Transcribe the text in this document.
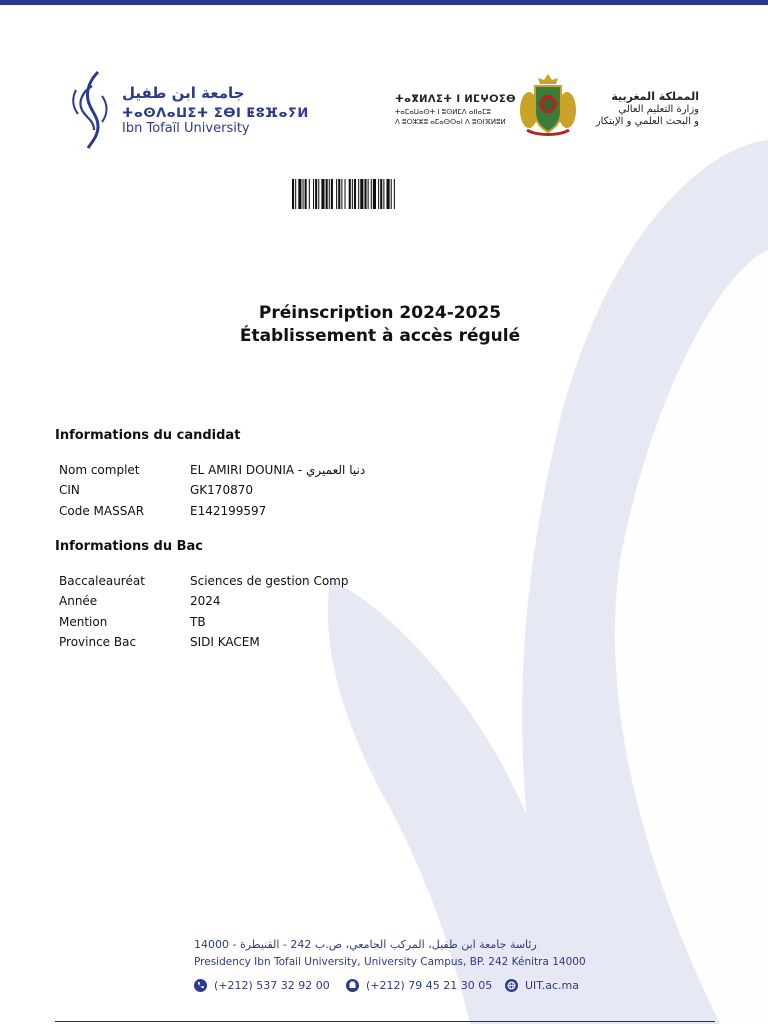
جامعة ابن طفيل
ⵜⴰⵙⴷⴰⵡⵉⵜ ⵉⴱⵏ ⵟⵓⴼⴰⵢⵍ
Ibn Tofaïl University
ⵜⴰⴳⵍⴷⵉⵜ ⵏ ⵍⵎⵖⵔⵉⴱ
ⵜⴰⵎⴰⵡⴰⵙⵜ ⵏ ⵓⵙⵍⵎⴷ ⴰⵏⵏⴰⵎⵓ
ⴷ ⵓⵔⵣⵣⵓ ⴰⵎⴰⵙⵙⴰⵏ ⴷ ⵓⵙⵏⴼⵍⵓⵍ
المملكة المغربية
وزارة التعليم العالي
و البحث العلمي و الإبتكار
Préinscription 2024-2025
Établissement à accès régulé
Informations du candidat
Nom complet	EL AMIRI DOUNIA - دنيا العميري
CIN	GK170870
Code MASSAR	E142199597
Informations du Bac
Baccaleauréat	Sciences de gestion Comp
Année	2024
Mention	TB
Province Bac	SIDI KACEM
رئاسة جامعة ابن طفيل، المركب الجامعي، ص.ب 242 - القنيطرة - 14000
Presidency Ibn Tofail University, University Campus, BP. 242 Kénitra 14000
(+212) 537 32 92 00	(+212) 79 45 21 30 05	UIT.ac.ma
